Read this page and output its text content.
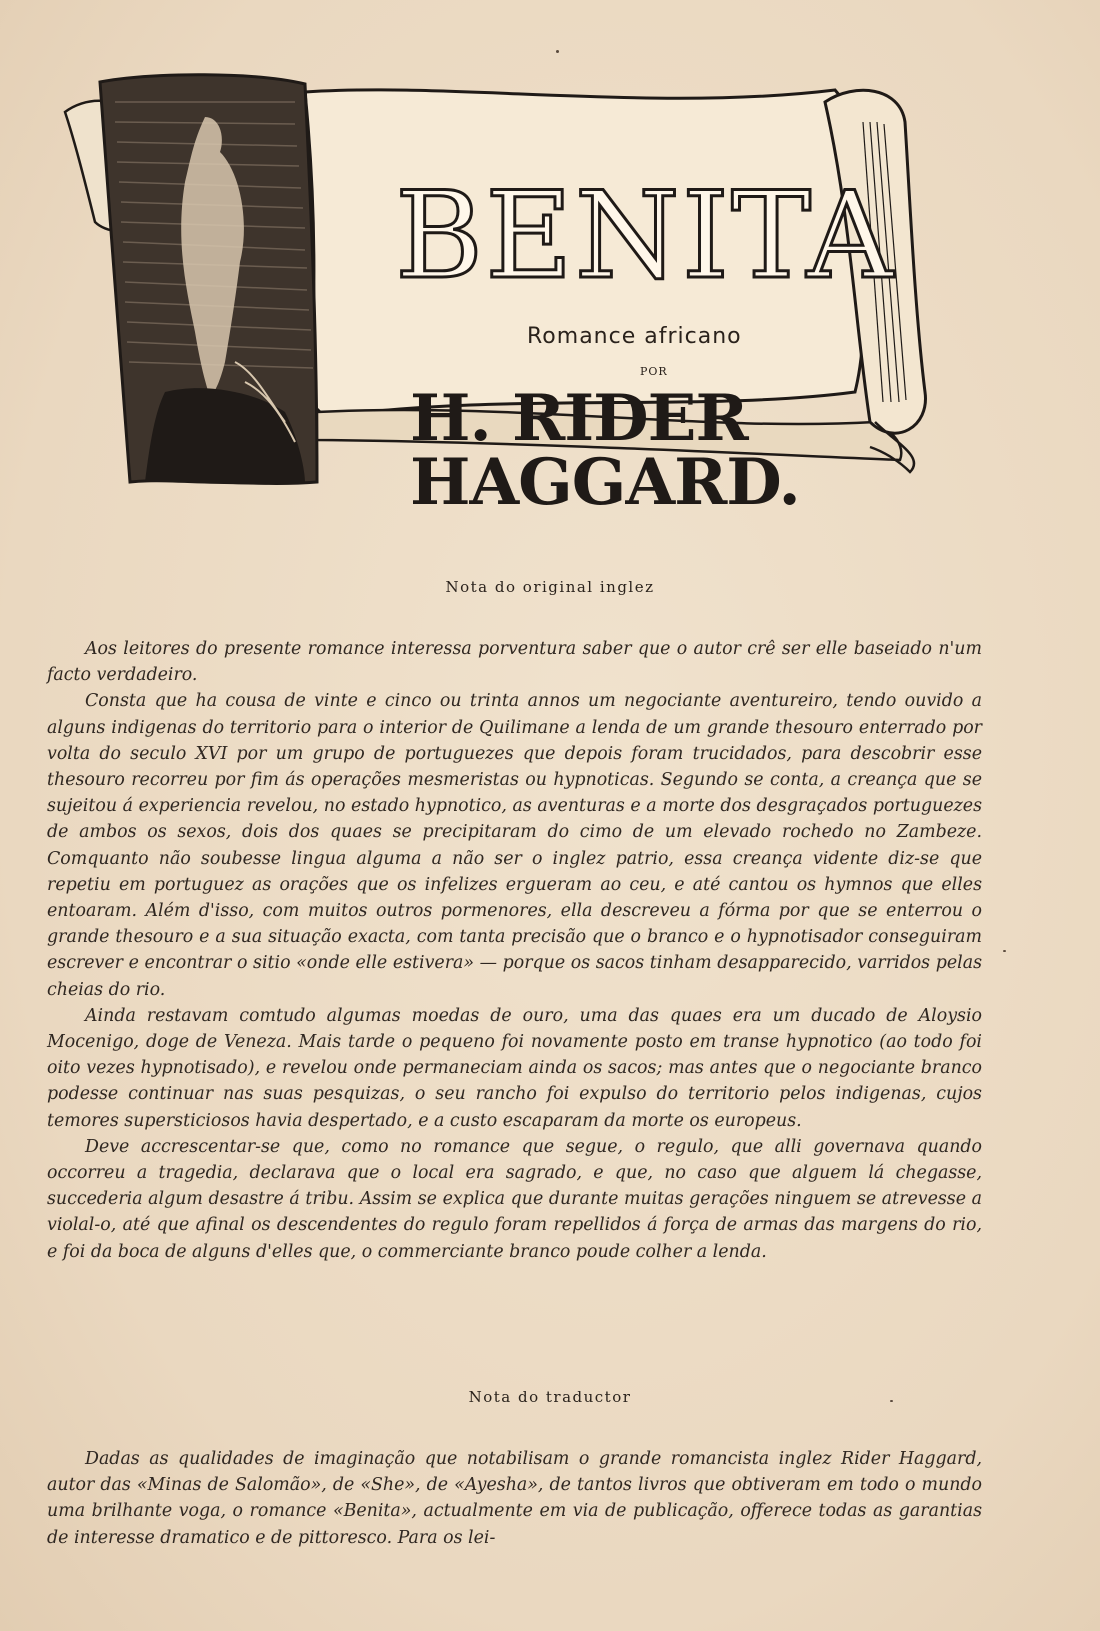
BENITA
Romance africano
POR
H. RIDER HAGGARD.
Nota do original inglez

Aos leitores do presente romance interessa porventura saber que o autor crê ser elle baseiado n'um facto verdadeiro.

Consta que ha cousa de vinte e cinco ou trinta annos um negociante aventureiro, tendo ouvido a alguns indigenas do territorio para o interior de Quilimane a lenda de um grande thesouro enterrado por volta do seculo XVI por um grupo de portuguezes que depois foram trucidados, para descobrir esse thesouro recorreu por fim ás operações mesmeristas ou hypnoticas. Segundo se conta, a creança que se sujeitou á experiencia revelou, no estado hypnotico, as aventuras e a morte dos desgraçados portuguezes de ambos os sexos, dois dos quaes se precipitaram do cimo de um elevado rochedo no Zambeze. Comquanto não soubesse lingua alguma a não ser o inglez patrio, essa creança vidente diz-se que repetiu em portuguez as orações que os infelizes ergueram ao ceu, e até cantou os hymnos que elles entoaram. Além d'isso, com muitos outros pormenores, ella descreveu a fórma por que se enterrou o grande thesouro e a sua situação exacta, com tanta precisão que o branco e o hypnotisador conseguiram escrever e encontrar o sitio «onde elle estivera» — porque os sacos tinham desapparecido, varridos pelas cheias do rio.

Ainda restavam comtudo algumas moedas de ouro, uma das quaes era um ducado de Aloysio Mocenigo, doge de Veneza. Mais tarde o pequeno foi novamente posto em transe hypnotico (ao todo foi oito vezes hypnotisado), e revelou onde permaneciam ainda os sacos; mas antes que o negociante branco podesse continuar nas suas pesquizas, o seu rancho foi expulso do territorio pelos indigenas, cujos temores supersticiosos havia despertado, e a custo escaparam da morte os europeus.

Deve accrescentar-se que, como no romance que segue, o regulo, que alli governava quando occorreu a tragedia, declarava que o local era sagrado, e que, no caso que alguem lá chegasse, succederia algum desastre á tribu. Assim se explica que durante muitas gerações ninguem se atrevesse a violal-o, até que afinal os descendentes do regulo foram repellidos á força de armas das margens do rio, e foi da boca de alguns d'elles que, o commerciante branco poude colher a lenda.

Nota do traductor

Dadas as qualidades de imaginação que notabilisam o grande romancista inglez Rider Haggard, autor das «Minas de Salomão», de «She», de «Ayesha», de tantos livros que obtiveram em todo o mundo uma brilhante voga, o romance «Benita», actualmente em via de publicação, offerece todas as garantias de interesse dramatico e de pittoresco. Para os lei-
